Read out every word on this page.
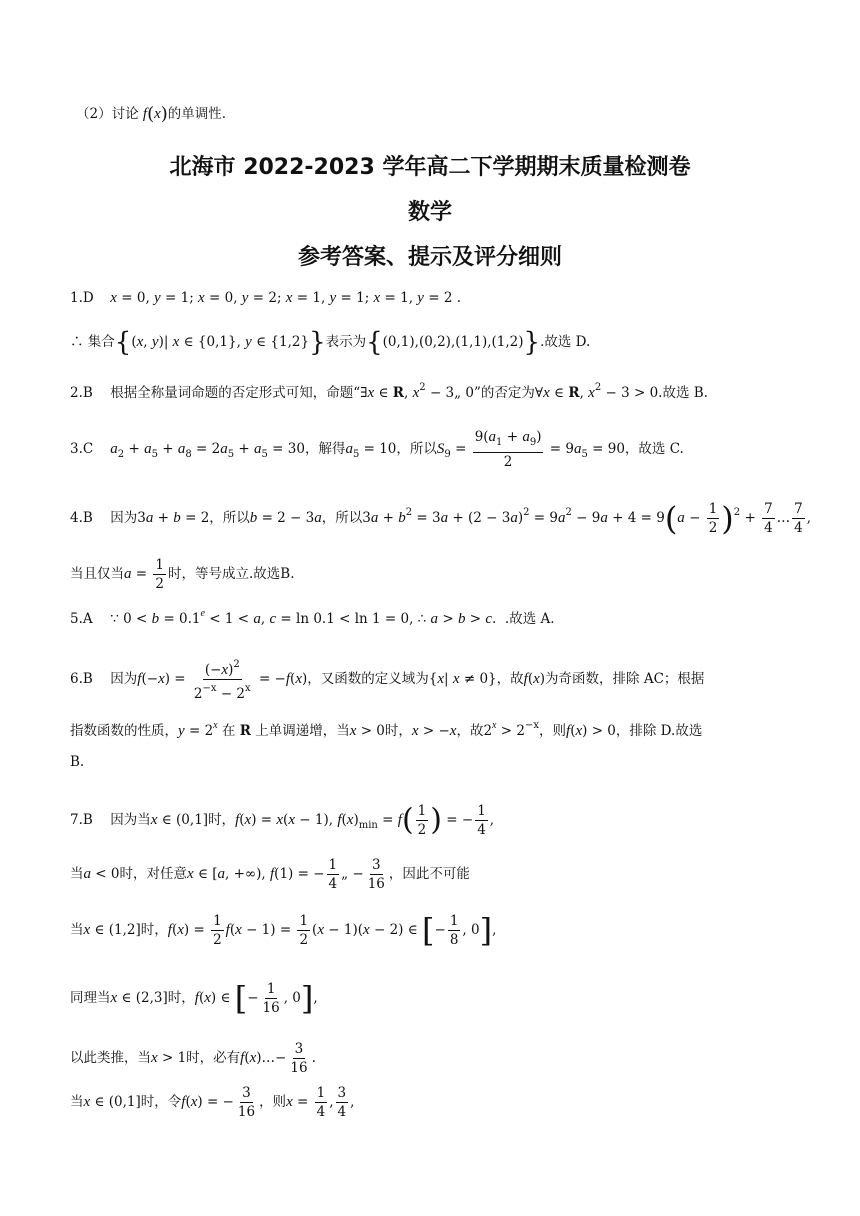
（2）讨论 f(x)的单调性.
北海市 2022-2023 学年高二下学期期末质量检测卷
数学
参考答案、提示及评分细则
1.D x = 0, y = 1; x = 0, y = 2; x = 1, y = 1; x = 1, y = 2 .
∴ 集合{(x, y)| x ∈ {0,1}, y ∈ {1,2}}表示为{(0,1),(0,2),(1,1),(1,2)}.故选 D.
2.B 根据全称量词命题的否定形式可知，命题“∃x ∈ R, $x^2$ − 3„ 0”的否定为∀x ∈ R, $x^2 - 3 > 0$.故选 B.
3.C $a_2 + a_5 + a_8 = 2a_5 + a_5 = 30$，解得$a_5 = 10$，所以$S_9 = \frac{9(a_1 + a_9)}{2} = 9a_5 = 90$，故选 C.
4.B 因为3a + b = 2，所以b = 2 − 3a，所以$3a + b^2 = 3a + (2 - 3a)^2 = 9a^2 - 9a + 4 = 9(a - \frac{1}{2} )^2 + \frac{7}{4}$ … $\frac{7}{4}$ ,
当且仅当$a = \frac{1}{2}$ 时，等号成立.故选B.
5.A ∵ 0 < b = 0.1$^e$ < 1 < a, c = ln 0.1 < ln 1 = 0, ∴ a > b > c.  .故选 A.
6.B 因为$f(-x) = \frac{(-x)^2}{2^{-x} - 2^x} = -f(x)$，又函数的定义域为{x| x ≠ 0}，故f(x)为奇函数，排除 AC；根据
指数函数的性质，$y = 2^x$ 在 R 上单调递增，当x > 0时，x > −x，故$2^x > 2^{-x}$，则f(x) > 0，排除 D.故选
B.
7.B 因为当x ∈ (0,1]时，f(x) = x(x − 1), $f(x)_{min} = f( \frac{1}{2}$ ) = − $\frac{1}{4}$ ,
当a < 0时，对任意x ∈ [a, +∞), f(1) = − $\frac{1}{4}$ „ − $\frac{3}{16}$ ，因此不可能
当x ∈ (1,2]时，$f(x) = \frac{1}{2} f(x - 1) = \frac{1}{2} (x - 1)(x - 2)$ ∈ [− $\frac{1}{8}$ , 0],
同理当x ∈ (2,3]时，f(x) ∈ [− $\frac{1}{16}$ , 0],
以此类推，当x > 1时，必有f(x)…− $\frac{3}{16}$ .
当x ∈ (0,1]时，令f(x) = − $\frac{3}{16}$ ，则$x = \frac{1}{4}$ , $\frac{3}{4}$ ,
